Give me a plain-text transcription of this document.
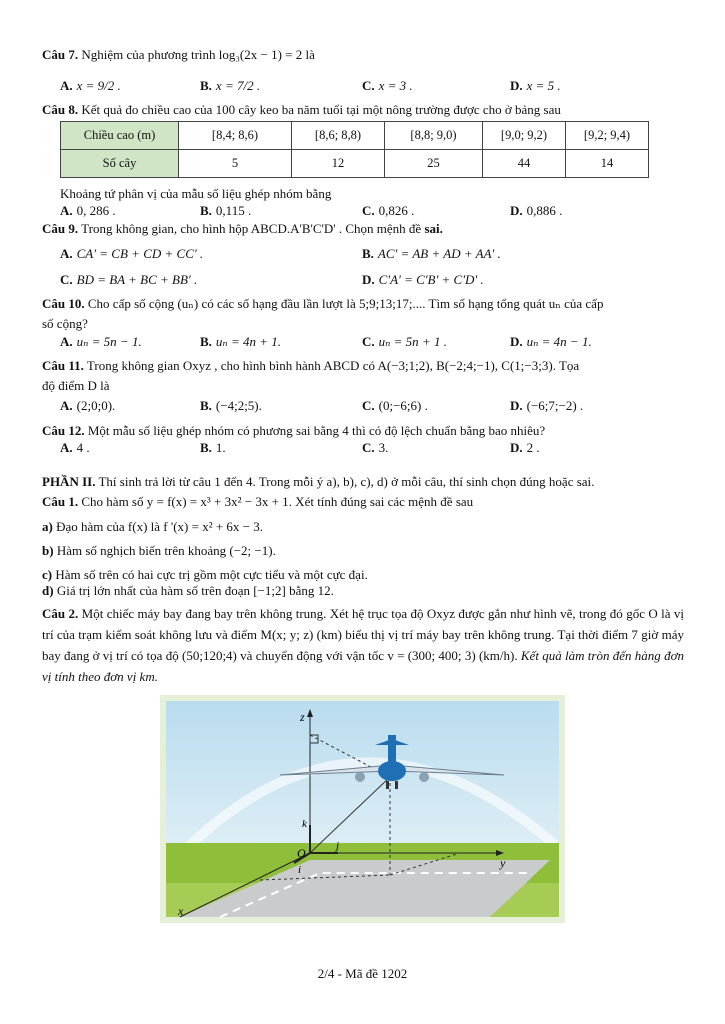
Câu 7. Nghiệm của phương trình log₃(2x − 1) = 2 là
A. x = 9/2 .	B. x = 7/2 .	C. x = 3 .	D. x = 5 .
Câu 8. Kết quả đo chiều cao của 100 cây keo ba năm tuổi tại một nông trường được cho ở bảng sau
Chiều cao (m)	[8,4; 8,6)	[8,6; 8,8)	[8,8; 9,0)	[9,0; 9,2)	[9,2; 9,4)
Số cây	5	12	25	44	14
Khoảng tứ phân vị của mẫu số liệu ghép nhóm bằng
A. 0, 286 .	B. 0,115 .	C. 0,826 .	D. 0,886 .
Câu 9. Trong không gian, cho hình hộp ABCD.A'B'C'D' . Chọn mệnh đề sai.
A. CA' = CB + CD + CC' .	B. AC' = AB + AD + AA' .
C. BD = BA + BC + BB' .	D. C'A' = C'B' + C'D' .
Câu 10. Cho cấp số cộng (uₙ) có các số hạng đầu lần lượt là 5;9;13;17;.... Tìm số hạng tổng quát uₙ của cấp
số cộng?
A. uₙ = 5n − 1.	B. uₙ = 4n + 1.	C. uₙ = 5n + 1 .	D. uₙ = 4n − 1.
Câu 11. Trong không gian Oxyz , cho hình bình hành ABCD có A(−3;1;2), B(−2;4;−1), C(1;−3;3). Tọa
độ điểm D là
A. (2;0;0).	B. (−4;2;5).	C. (0;−6;6) .	D. (−6;7;−2) .
Câu 12. Một mẫu số liệu ghép nhóm có phương sai bằng 4 thì có độ lệch chuẩn bằng bao nhiêu?
A. 4 .	B. 1.	C. 3.	D. 2 .
PHẦN II. Thí sinh trả lời từ câu 1 đến 4. Trong mỗi ý a), b), c), d) ở mỗi câu, thí sinh chọn đúng hoặc sai.
Câu 1. Cho hàm số y = f(x) = x³ + 3x² − 3x + 1. Xét tính đúng sai các mệnh đề sau
a) Đạo hàm của f(x) là f '(x) = x² + 6x − 3.
b) Hàm số nghịch biến trên khoảng (−2; −1).
c) Hàm số trên có hai cực trị gồm một cực tiểu và một cực đại.
d) Giá trị lớn nhất của hàm số trên đoạn [−1;2] bằng 12.
Câu 2. Một chiếc máy bay đang bay trên không trung. Xét hệ trục tọa độ Oxyz được gắn như hình vẽ, trong đó gốc O là vị trí của trạm kiểm soát không lưu và điểm M(x; y; z) (km) biểu thị vị trí máy bay trên không trung. Tại thời điểm 7 giờ máy bay đang ở vị trí có tọa độ (50;120;4) và chuyển động với vận tốc v = (300; 400; 3) (km/h). Kết quả làm tròn đến hàng đơn vị tính theo đơn vị km.
z
y
x
O
k
j
i
2/4 - Mã đề 1202
